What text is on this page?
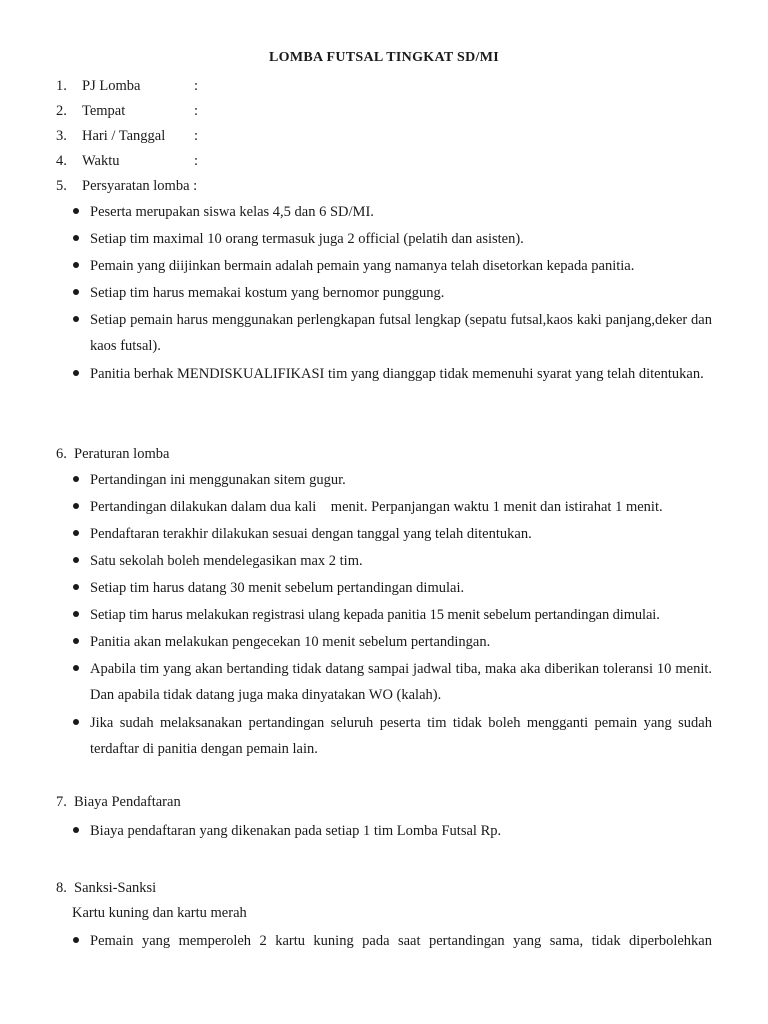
LOMBA FUTSAL TINGKAT SD/MI
1. PJ Lomba	:
2. Tempat	:
3. Hari / Tanggal :
4. Waktu	:
5. Persyaratan lomba :
Peserta merupakan siswa kelas 4,5 dan 6 SD/MI.
Setiap tim maximal 10 orang termasuk juga 2 official (pelatih dan asisten).
Pemain yang diijinkan bermain adalah pemain yang namanya telah disetorkan kepada panitia.
Setiap tim harus memakai kostum yang bernomor punggung.
Setiap pemain harus menggunakan perlengkapan futsal lengkap (sepatu futsal,kaos kaki panjang,deker dan kaos futsal).
Panitia berhak MENDISKUALIFIKASI tim yang dianggap tidak memenuhi syarat yang telah ditentukan.
6. Peraturan lomba
Pertandingan ini menggunakan sitem gugur.
Pertandingan dilakukan dalam dua kali    menit. Perpanjangan waktu 1 menit dan istirahat 1 menit.
Pendaftaran terakhir dilakukan sesuai dengan tanggal yang telah ditentukan.
Satu sekolah boleh mendelegasikan max 2 tim.
Setiap tim harus datang 30 menit sebelum pertandingan dimulai.
Setiap tim harus melakukan registrasi ulang kepada panitia 15 menit sebelum pertandingan dimulai.
Panitia akan melakukan pengecekan 10 menit sebelum pertandingan.
Apabila tim yang akan bertanding tidak datang sampai jadwal tiba, maka aka diberikan toleransi 10 menit. Dan apabila tidak datang juga maka dinyatakan WO (kalah).
Jika sudah melaksanakan pertandingan seluruh peserta tim tidak boleh mengganti pemain yang sudah terdaftar di panitia dengan pemain lain.
7. Biaya Pendaftaran
Biaya pendaftaran yang dikenakan pada setiap 1 tim Lomba Futsal Rp.
8. Sanksi-Sanksi
Kartu kuning dan kartu merah
Pemain yang memperoleh 2 kartu kuning pada saat pertandingan yang sama, tidak diperbolehkan
